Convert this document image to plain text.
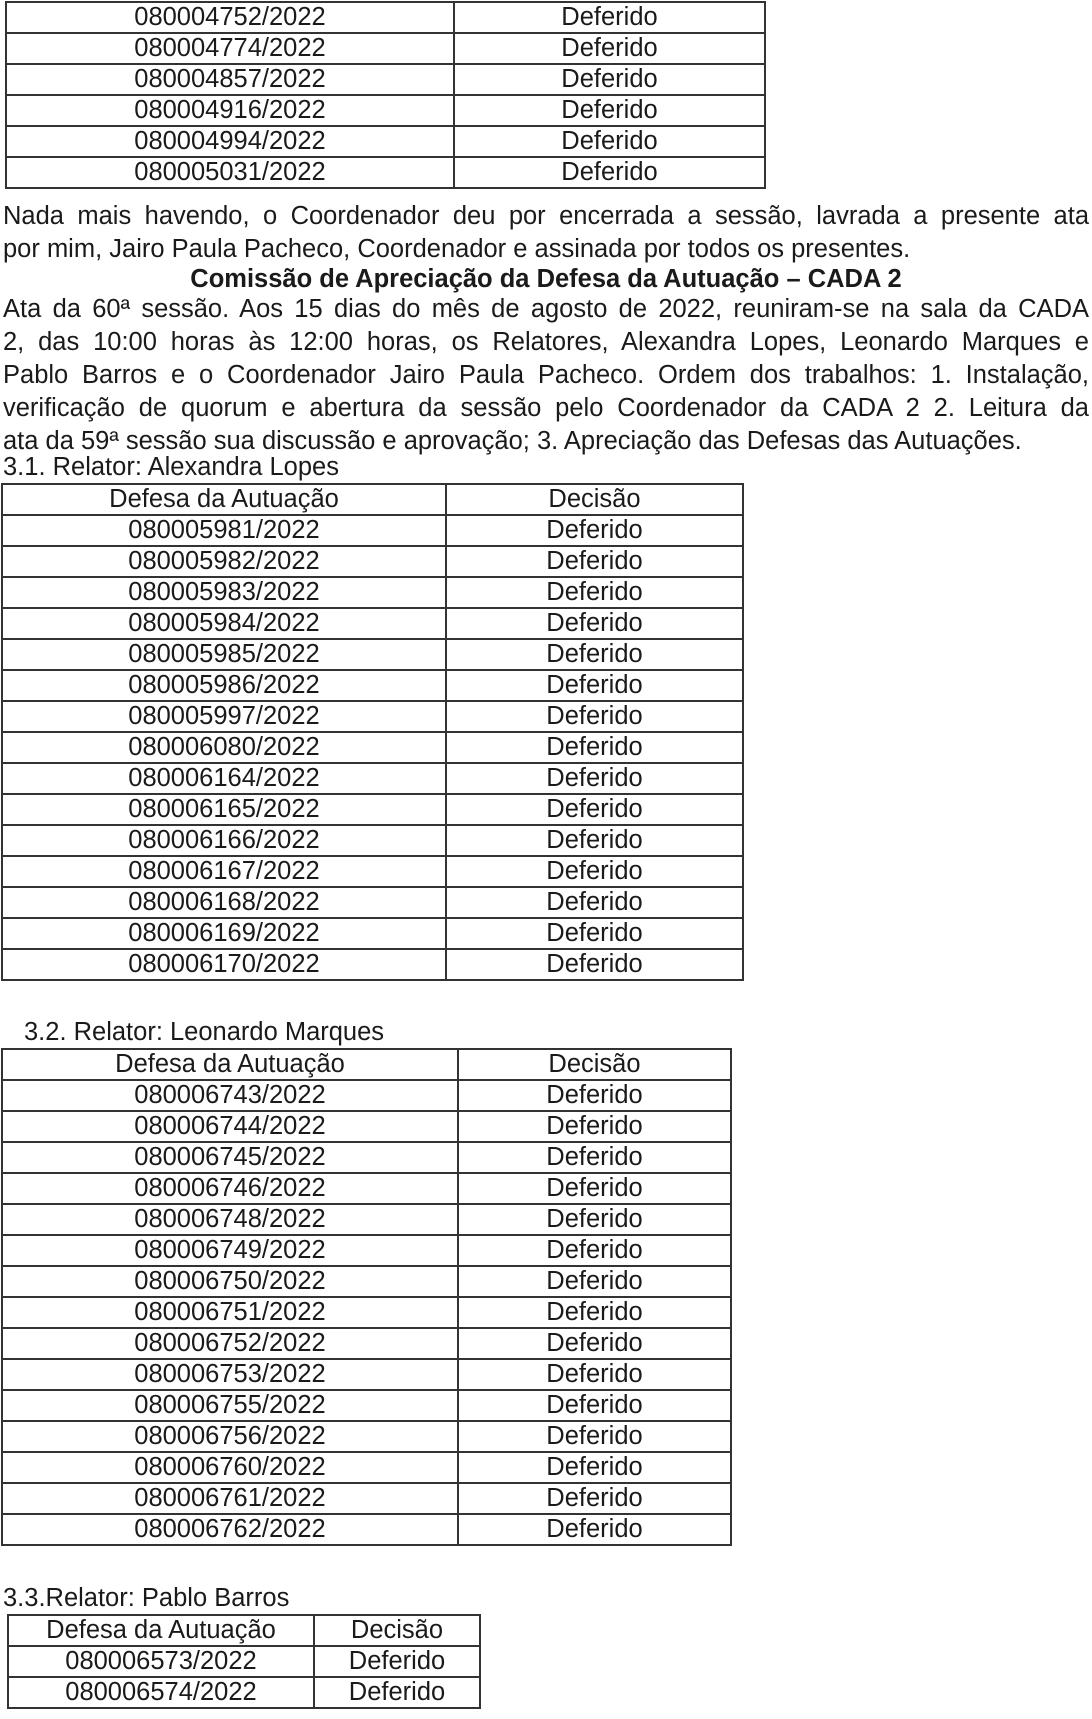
080004752/2022	Deferido
080004774/2022	Deferido
080004857/2022	Deferido
080004916/2022	Deferido
080004994/2022	Deferido
080005031/2022	Deferido
Nada mais havendo, o Coordenador deu por encerrada a sessão, lavrada a presente ata
por mim, Jairo Paula Pacheco, Coordenador e assinada por todos os presentes.
Comissão de Apreciação da Defesa da Autuação – CADA 2
Ata da 60ª sessão. Aos 15 dias do mês de agosto de 2022, reuniram-se na sala da CADA
2, das 10:00 horas às 12:00 horas, os Relatores, Alexandra Lopes, Leonardo Marques e
Pablo Barros e o Coordenador Jairo Paula Pacheco. Ordem dos trabalhos: 1. Instalação,
verificação de quorum e abertura da sessão pelo Coordenador da CADA 2 2. Leitura da
ata da 59ª sessão sua discussão e aprovação; 3. Apreciação das Defesas das Autuações.
3.1. Relator: Alexandra Lopes
Defesa da Autuação	Decisão
080005981/2022	Deferido
080005982/2022	Deferido
080005983/2022	Deferido
080005984/2022	Deferido
080005985/2022	Deferido
080005986/2022	Deferido
080005997/2022	Deferido
080006080/2022	Deferido
080006164/2022	Deferido
080006165/2022	Deferido
080006166/2022	Deferido
080006167/2022	Deferido
080006168/2022	Deferido
080006169/2022	Deferido
080006170/2022	Deferido
3.2. Relator: Leonardo Marques
Defesa da Autuação	Decisão
080006743/2022	Deferido
080006744/2022	Deferido
080006745/2022	Deferido
080006746/2022	Deferido
080006748/2022	Deferido
080006749/2022	Deferido
080006750/2022	Deferido
080006751/2022	Deferido
080006752/2022	Deferido
080006753/2022	Deferido
080006755/2022	Deferido
080006756/2022	Deferido
080006760/2022	Deferido
080006761/2022	Deferido
080006762/2022	Deferido
3.3.Relator: Pablo Barros
Defesa da Autuação	Decisão
080006573/2022	Deferido
080006574/2022	Deferido
